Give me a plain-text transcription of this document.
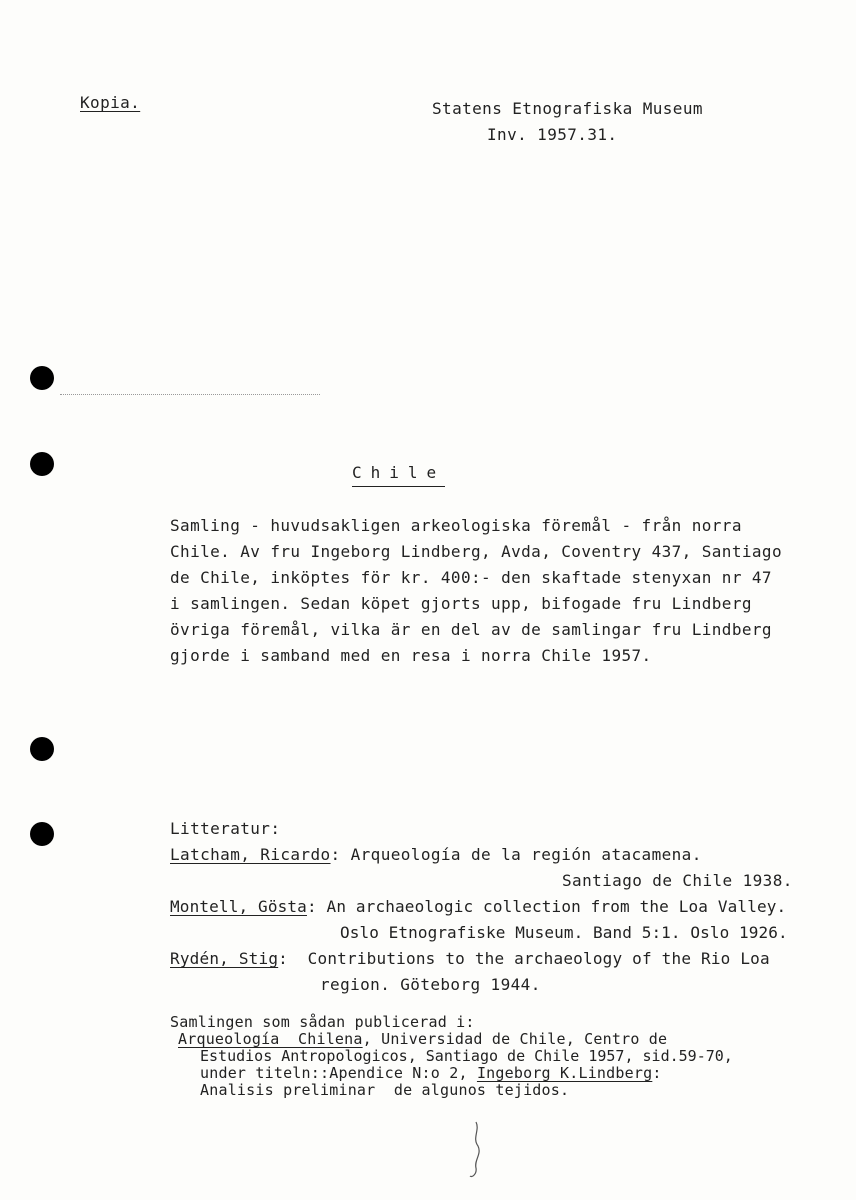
Kopia.	Statens Etnografiska Museum
Inv. 1957.31.
Chile
Samling - huvudsakligen arkeologiska föremål - från norra
Chile. Av fru Ingeborg Lindberg, Avda, Coventry 437, Santiago
de Chile, inköptes för kr. 400:- den skaftade stenyxan nr 47
i samlingen. Sedan köpet gjorts upp, bifogade fru Lindberg
övriga föremål, vilka är en del av de samlingar fru Lindberg
gjorde i samband med en resa i norra Chile 1957.
Litteratur:
Latcham, Ricardo: Arqueología de la región atacamena.
Santiago de Chile 1938.
Montell, Gösta: An archaeologic collection from the Loa Valley.
Oslo Etnografiske Museum. Band 5:1. Oslo 1926.
Rydén, Stig:  Contributions to the archaeology of the Rio Loa
region. Göteborg 1944.
Samlingen som sådan publicerad i:
Arqueología  Chilena, Universidad de Chile, Centro de
Estudios Antropologicos, Santiago de Chile 1957, sid.59-70,
under titeln::Apendice N:o 2, Ingeborg K.Lindberg:
Analisis preliminar  de algunos tejidos.
